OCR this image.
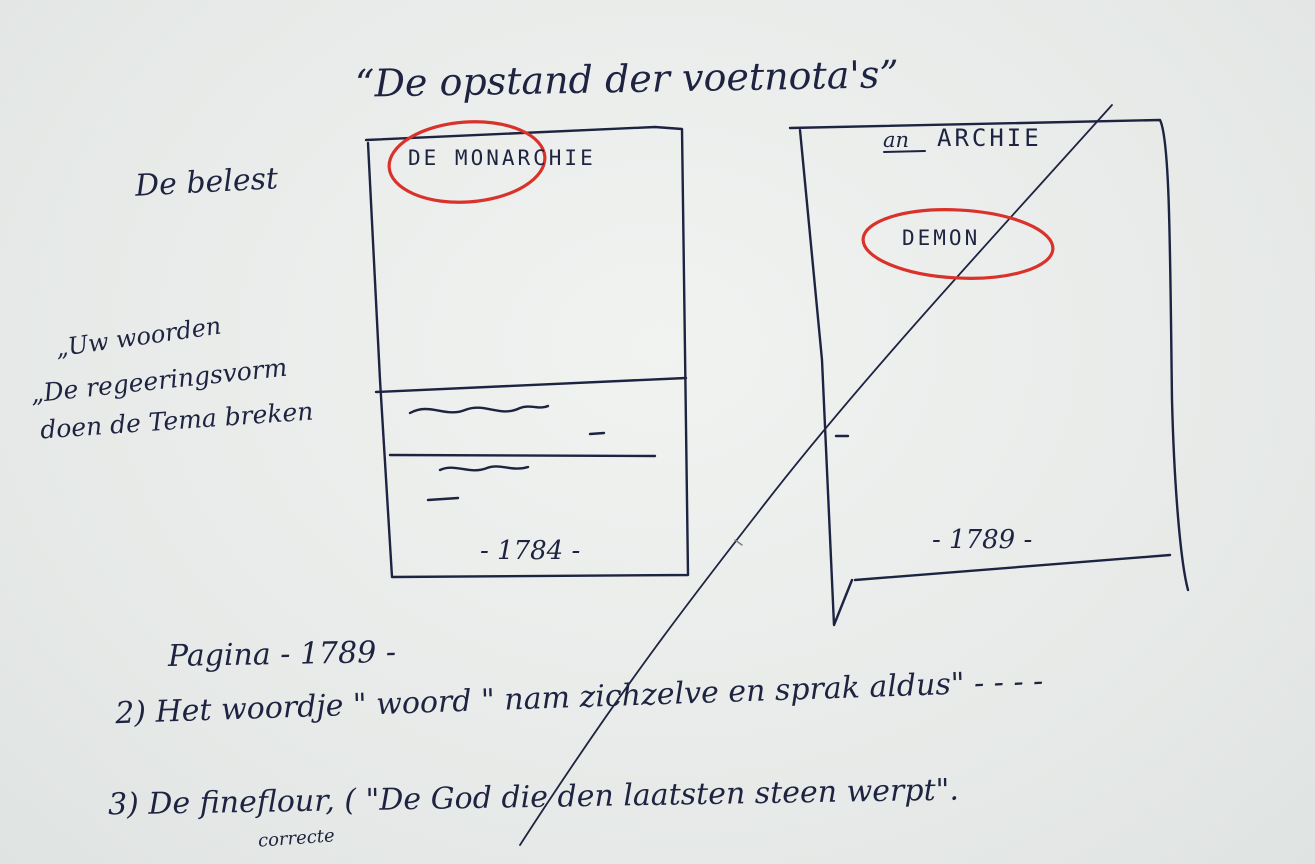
“De opstand der voetnota's”
De belest
„Uw woorden
„De regeeringsvorm
doen de Tema breken
DE MONARCHIE
- 1784 -
an ARCHIE
DEMON
- 1789 -
Pagina - 1789 -
2) Het woordje " woord " nam zichzelve en sprak aldus" - - - -
3) De fineflour, ( "De God die den laatsten steen werpt".
correcte
